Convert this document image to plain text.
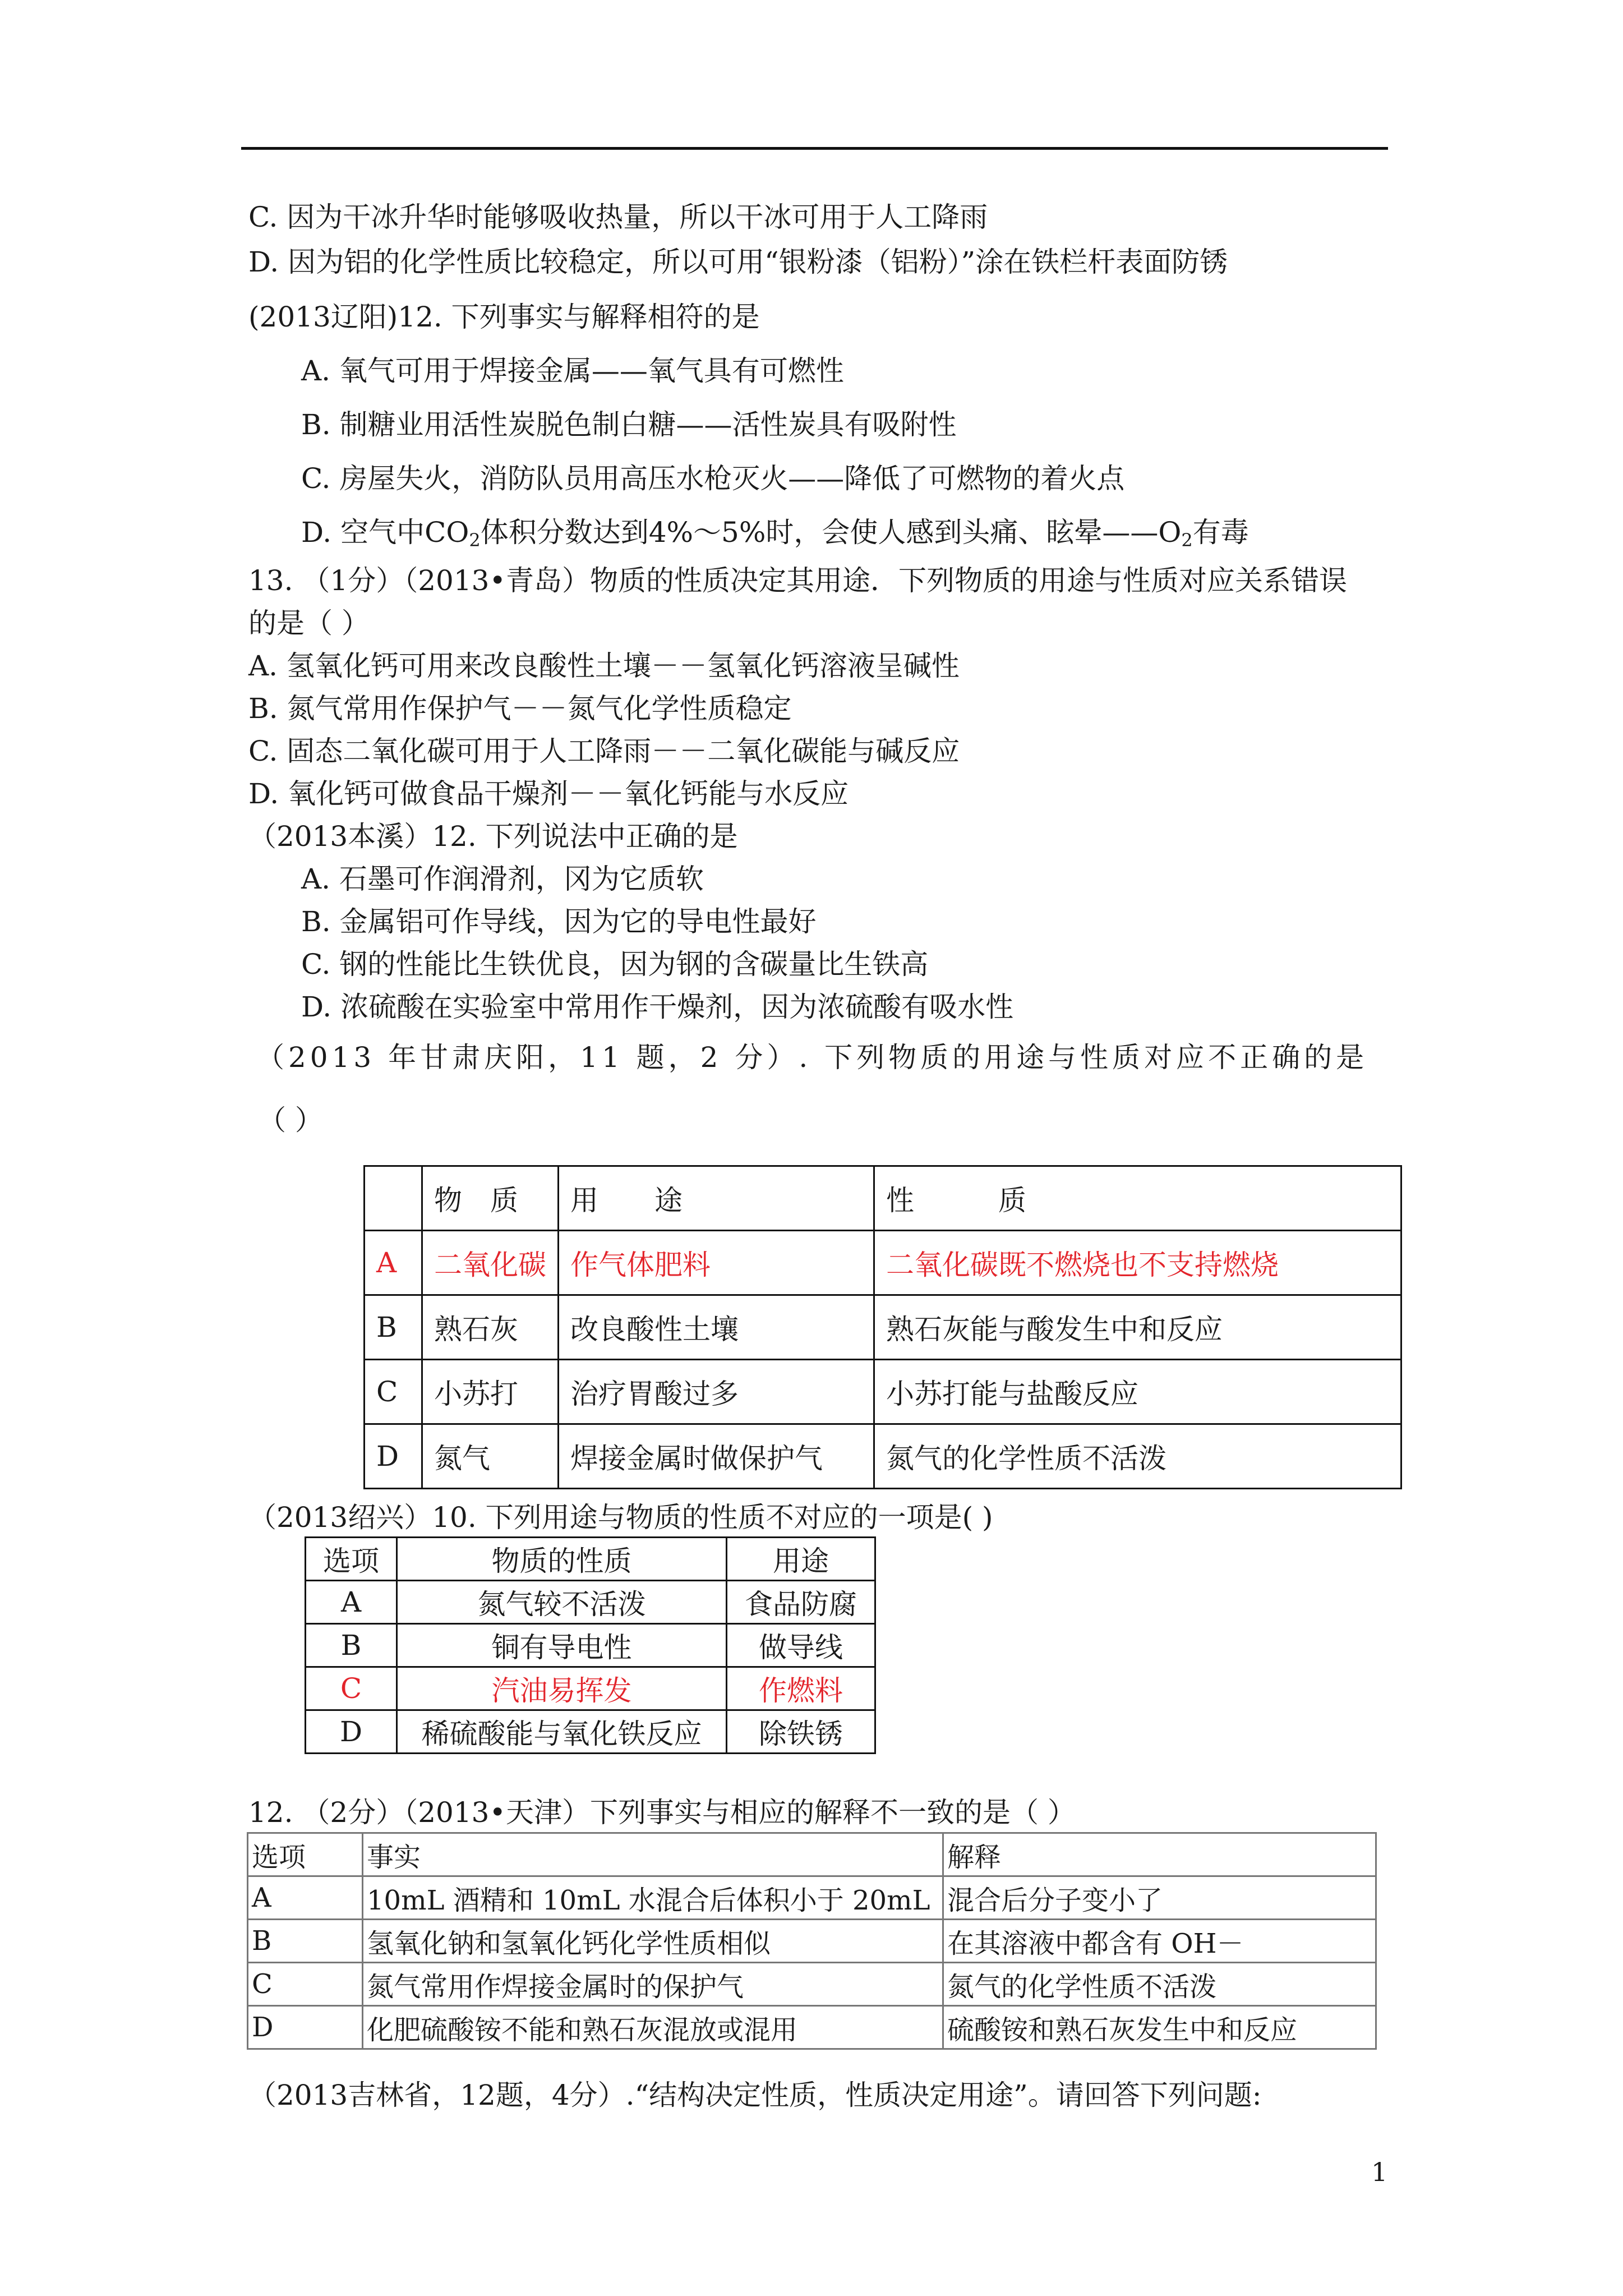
C. 因为干冰升华时能够吸收热量，所以干冰可用于人工降雨
D. 因为铝的化学性质比较稳定，所以可用“银粉漆（铝粉）”涂在铁栏杆表面防锈
(2013辽阳)12. 下列事实与解释相符的是
A. 氧气可用于焊接金属——氧气具有可燃性
B. 制糖业用活性炭脱色制白糖——活性炭具有吸附性
C. 房屋失火，消防队员用高压水枪灭火——降低了可燃物的着火点
D. 空气中$CO_2$体积分数达到4%～5%时，会使人感到头痛、眩晕$——O_2$有毒
13. （1分）（2013•青岛）物质的性质决定其用途．下列物质的用途与性质对应关系错误
的是（ ）
A. 氢氧化钙可用来改良酸性土壤－－氢氧化钙溶液呈碱性
B. 氮气常用作保护气－－氮气化学性质稳定
C. 固态二氧化碳可用于人工降雨－－二氧化碳能与碱反应
D. 氧化钙可做食品干燥剂－－氧化钙能与水反应
（2013本溪）12. 下列说法中正确的是
A. 石墨可作润滑剂，冈为它质软
B. 金属铝可作导线，因为它的导电性最好
C. 钢的性能比生铁优良，因为钢的含碳量比生铁高
D. 浓硫酸在实验室中常用作干燥剂，因为浓硫酸有吸水性
（2013 年甘肃庆阳，11 题，2 分）. 下列物质的用途与性质对应不正确的是
（ ）
	物　质	用　　途	性　　　质
A	二氧化碳	作气体肥料	二氧化碳既不燃烧也不支持燃烧
B	熟石灰	改良酸性土壤	熟石灰能与酸发生中和反应
C	小苏打	治疗胃酸过多	小苏打能与盐酸反应
D	氮气	焊接金属时做保护气	氮气的化学性质不活泼
（2013绍兴）10. 下列用途与物质的性质不对应的一项是( )
选项	物质的性质	用途
A	氮气较不活泼	食品防腐
B	铜有导电性	做导线
C	汽油易挥发	作燃料
D	稀硫酸能与氧化铁反应	除铁锈
12. （2分）（2013•天津）下列事实与相应的解释不一致的是（ ）
选项	事实	解释
A	10mL 酒精和 10mL 水混合后体积小于 20mL	混合后分子变小了
B	氢氧化钠和氢氧化钙化学性质相似	在其溶液中都含有 OH－
C	氮气常用作焊接金属时的保护气	氮气的化学性质不活泼
D	化肥硫酸铵不能和熟石灰混放或混用	硫酸铵和熟石灰发生中和反应
（2013吉林省，12题，4分）.“结构决定性质，性质决定用途”。请回答下列问题:
1
